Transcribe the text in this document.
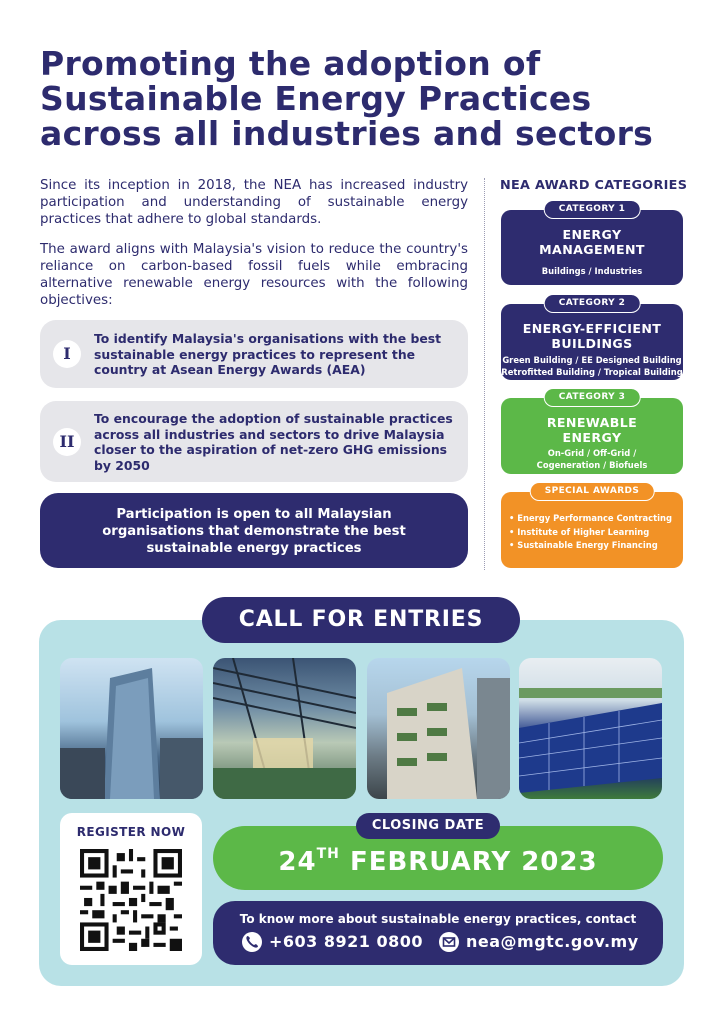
Promoting the adoption of Sustainable Energy Practices across all industries and sectors
Since its inception in 2018, the NEA has increased industry participation and understanding of sustainable energy practices that adhere to global standards.
The award aligns with Malaysia's vision to reduce the country's reliance on carbon-based fossil fuels while embracing alternative renewable energy resources with the following objectives:
I
To identify Malaysia's organisations with the best sustainable energy practices to represent the country at Asean Energy Awards (AEA)
II
To encourage the adoption of sustainable practices across all industries and sectors to drive Malaysia closer to the aspiration of net-zero GHG emissions by 2050
Participation is open to all Malaysian organisations that demonstrate the best sustainable energy practices
NEA AWARD CATEGORIES
CATEGORY 1
ENERGY MANAGEMENT
Buildings / Industries
CATEGORY 2
ENERGY-EFFICIENT BUILDINGS
Green Building / EE Designed Building
Retrofitted Building / Tropical Building
CATEGORY 3
RENEWABLE ENERGY
On-Grid / Off-Grid /
Cogeneration / Biofuels
SPECIAL AWARDS
• Energy Performance Contracting
• Institute of Higher Learning
• Sustainable Energy Financing
CALL FOR ENTRIES
REGISTER NOW	CLOSING DATE
24TH FEBRUARY 2023
To know more about sustainable energy practices, contact
+603 8921 0800	nea@mgtc.gov.my
